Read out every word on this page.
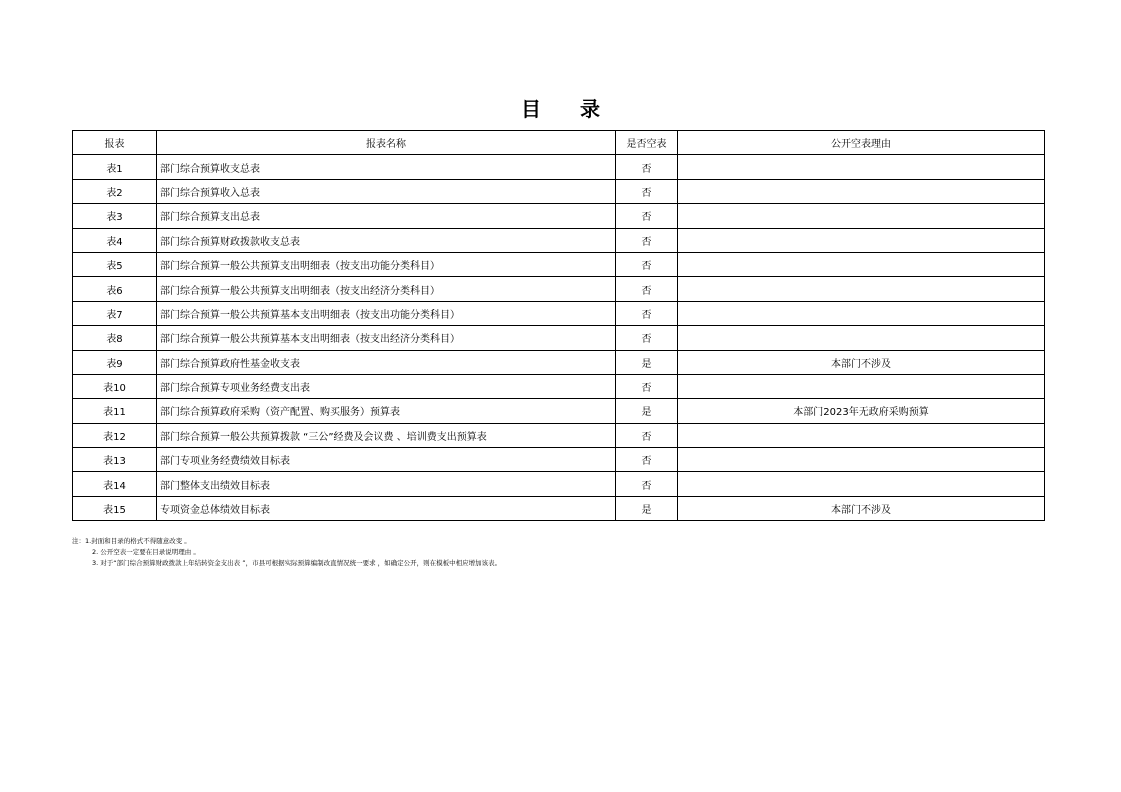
目 录
报表	报表名称	是否空表	公开空表理由
表1	部门综合预算收支总表	否	
表2	部门综合预算收入总表	否	
表3	部门综合预算支出总表	否	
表4	部门综合预算财政拨款收支总表	否	
表5	部门综合预算一般公共预算支出明细表（按支出功能分类科目）	否	
表6	部门综合预算一般公共预算支出明细表（按支出经济分类科目）	否	
表7	部门综合预算一般公共预算基本支出明细表（按支出功能分类科目）	否	
表8	部门综合预算一般公共预算基本支出明细表（按支出经济分类科目）	否	
表9	部门综合预算政府性基金收支表	是	本部门不涉及
表10	部门综合预算专项业务经费支出表	否	
表11	部门综合预算政府采购（资产配置、购买服务）预算表	是	本部门2023年无政府采购预算
表12	部门综合预算一般公共预算拨款 “三公”经费及会议费 、培训费支出预算表	否	
表13	部门专项业务经费绩效目标表	否	
表14	部门整体支出绩效目标表	否	
表15	专项资金总体绩效目标表	是	本部门不涉及
注：1.封面和目录的格式不得随意改变 。
2. 公开空表一定要在目录说明理由 。
3. 对于“部门综合预算财政拨款上年结转资金支出表 ”，市县可根据实际预算编制改直情况统一要求 ，如确定公开，则在模板中相应增加该表。
